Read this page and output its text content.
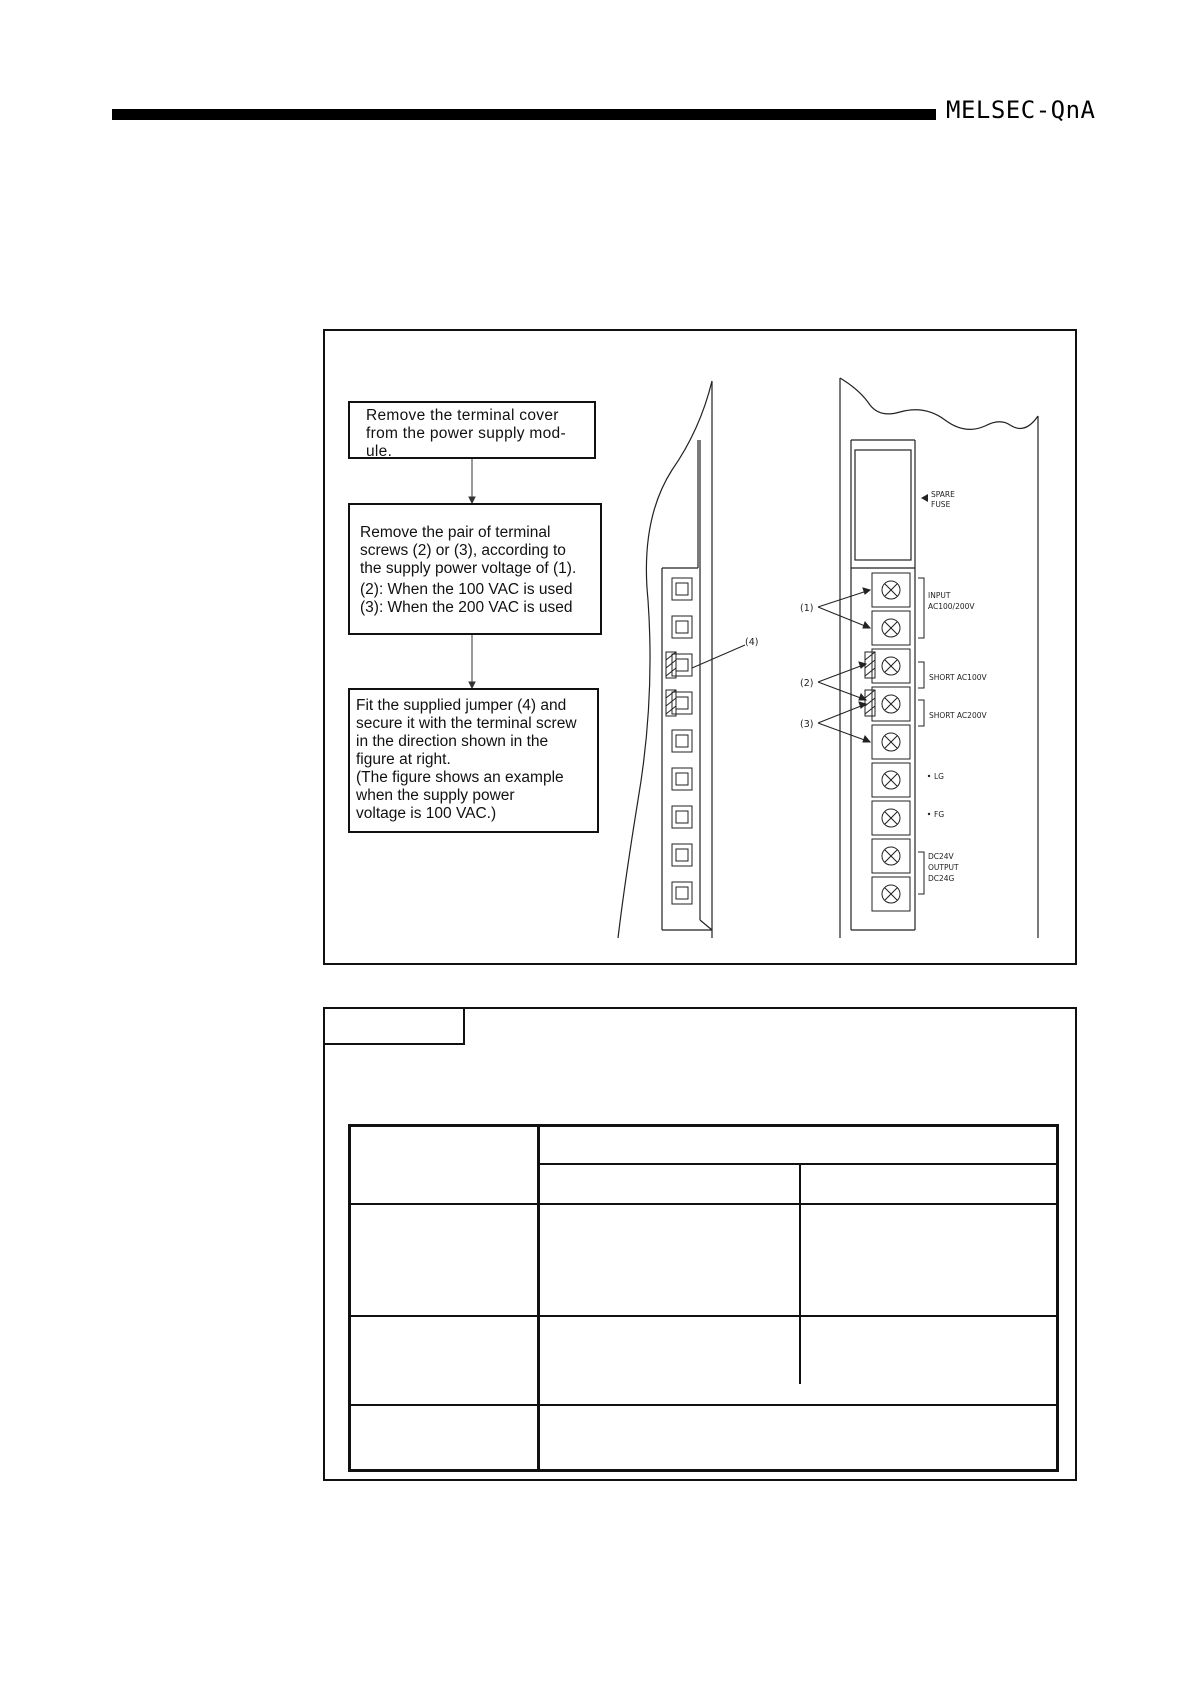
MELSEC-QnA
(4)
(1)
(2)
(3)
SPARE FUSE
INPUT AC100/200V
SHORT AC100V
SHORT AC200V
LG
FG
DC24V OUTPUT DC24G
Remove the terminal cover
from the power supply mod-
ule.
Remove the pair of terminal
screws (2) or (3), according to
the supply power voltage of (1).
(2): When the 100 VAC is used
(3): When the 200 VAC is used
Fit the supplied jumper (4) and
secure it with the terminal screw
in the direction shown in the
figure at right.
(The figure shows an example
when the supply power
voltage is 100 VAC.)
